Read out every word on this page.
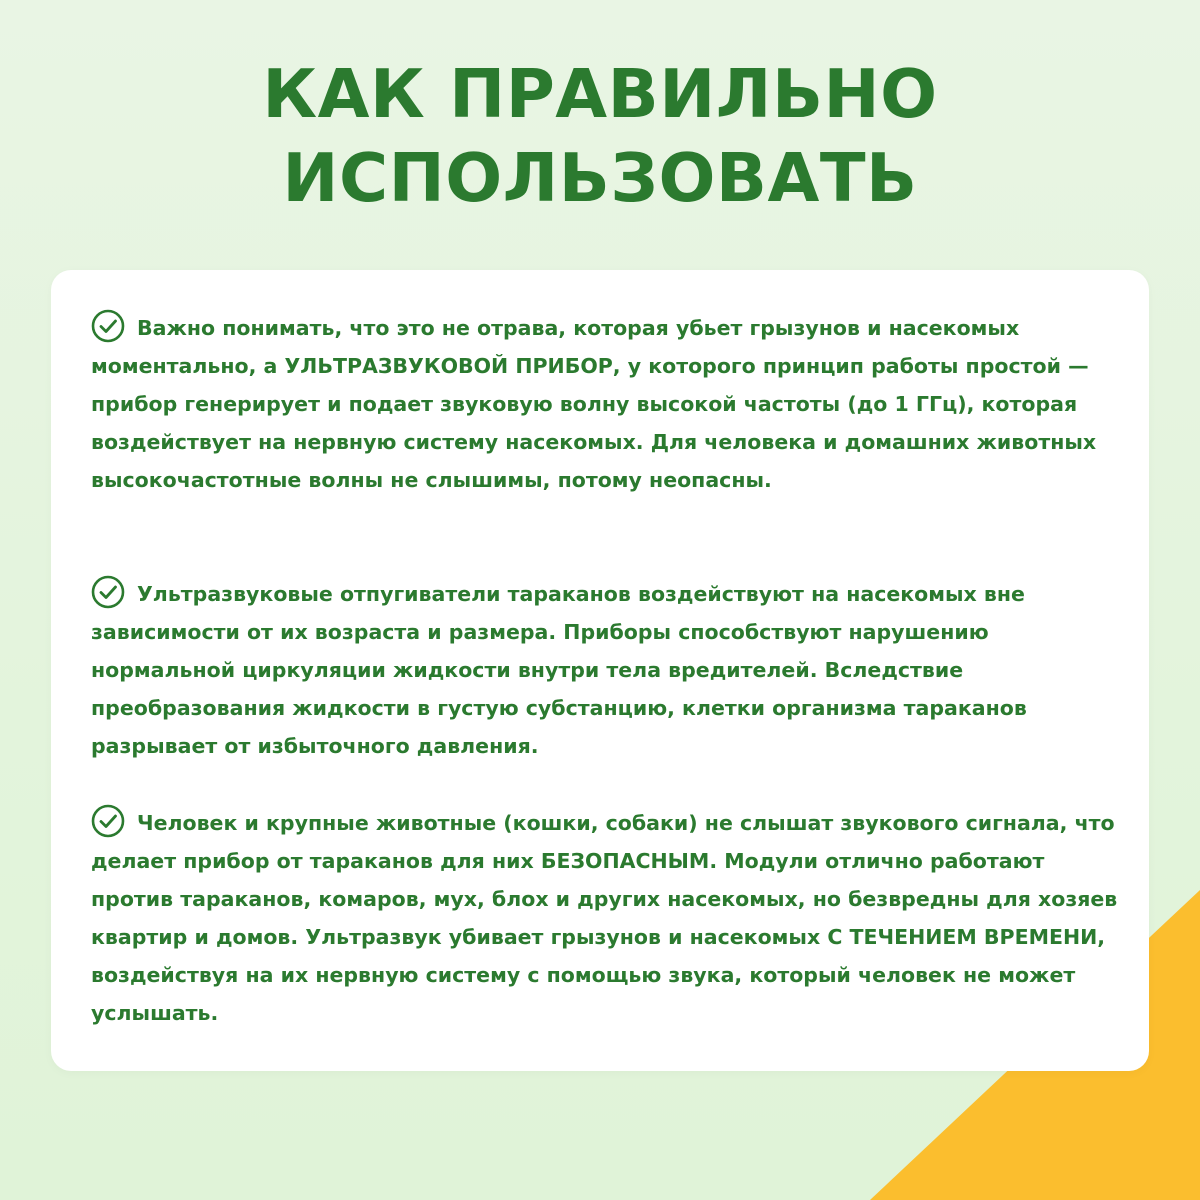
КАК ПРАВИЛЬНО
ИСПОЛЬЗОВАТЬ

Важно понимать, что это не отрава, которая убьет грызунов и насекомых моментально, а УЛЬТРАЗВУКОВОЙ ПРИБОР, у которого принцип работы простой — прибор генерирует и подает звуковую волну высокой частоты (до 1 ГГц), которая воздействует на нервную систему насекомых. Для человека и домашних животных высокочастотные волны не слышимы, потому неопасны.

Ультразвуковые отпугиватели тараканов воздействуют на насекомых вне зависимости от их возраста и размера. Приборы способствуют нарушению нормальной циркуляции жидкости внутри тела вредителей. Вследствие преобразования жидкости в густую субстанцию, клетки организма тараканов разрывает от избыточного давления.

Человек и крупные животные (кошки, собаки) не слышат звукового сигнала, что делает прибор от тараканов для них БЕЗОПАСНЫМ. Модули отлично работают против тараканов, комаров, мух, блох и других насекомых, но безвредны для хозяев квартир и домов. Ультразвук убивает грызунов и насекомых С ТЕЧЕНИЕМ ВРЕМЕНИ, воздействуя на их нервную систему с помощью звука, который человек не может услышать.
